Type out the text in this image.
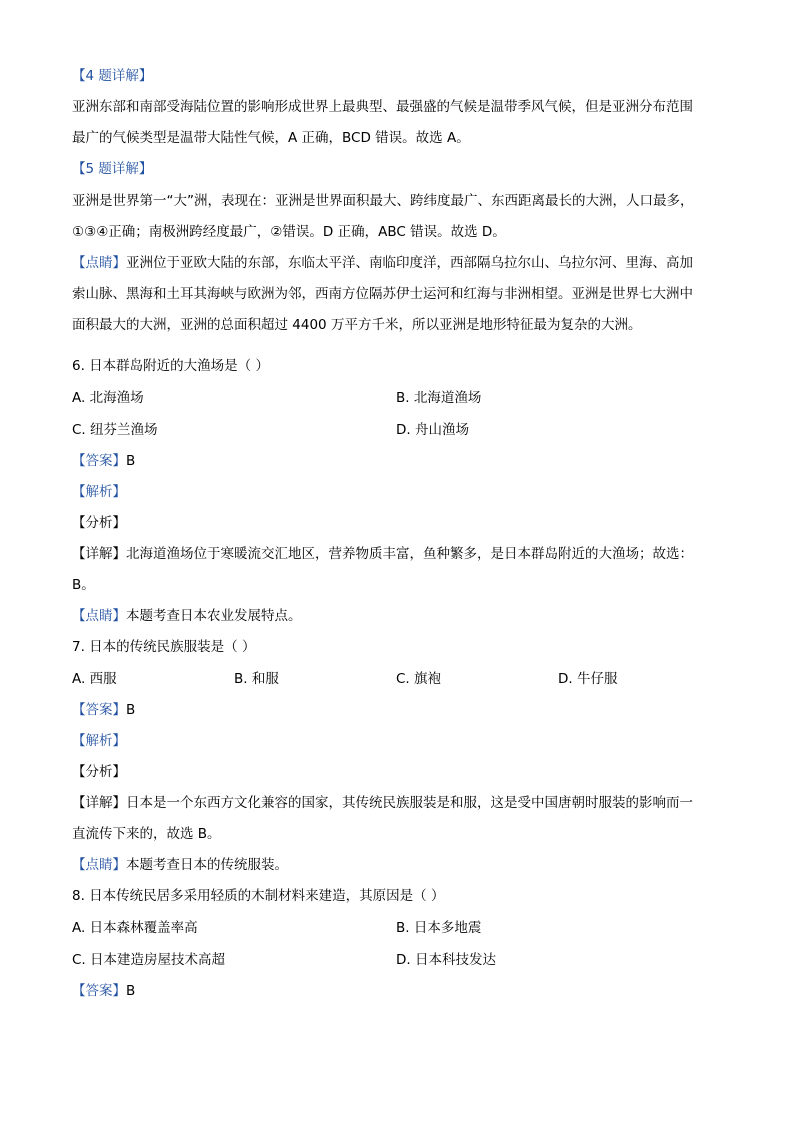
【4 题详解】
亚洲东部和南部受海陆位置的影响形成世界上最典型、最强盛的气候是温带季风气候，但是亚洲分布范围
最广的气候类型是温带大陆性气候，A 正确，BCD 错误。故选 A。
【5 题详解】
亚洲是世界第一“大”洲，表现在：亚洲是世界面积最大、跨纬度最广、东西距离最长的大洲，人口最多，
①③④正确；南极洲跨经度最广，②错误。D 正确，ABC 错误。故选 D。
【点睛】亚洲位于亚欧大陆的东部，东临太平洋、南临印度洋，西部隔乌拉尔山、乌拉尔河、里海、高加
索山脉、黑海和土耳其海峡与欧洲为邻，西南方位隔苏伊士运河和红海与非洲相望。亚洲是世界七大洲中
面积最大的大洲，亚洲的总面积超过 4400 万平方千米，所以亚洲是地形特征最为复杂的大洲。
6. 日本群岛附近的大渔场是（ ）
A. 北海渔场	B. 北海道渔场
C. 纽芬兰渔场	D. 舟山渔场
【答案】B
【解析】
【分析】
【详解】北海道渔场位于寒暖流交汇地区，营养物质丰富，鱼种繁多，是日本群岛附近的大渔场；故选：
B。
【点睛】本题考查日本农业发展特点。
7. 日本的传统民族服装是（ ）
A. 西服	B. 和服	C. 旗袍	D. 牛仔服
【答案】B
【解析】
【分析】
【详解】日本是一个东西方文化兼容的国家，其传统民族服装是和服，这是受中国唐朝时服装的影响而一
直流传下来的，故选 B。
【点睛】本题考查日本的传统服装。
8. 日本传统民居多采用轻质的木制材料来建造，其原因是（ ）
A. 日本森林覆盖率高	B. 日本多地震
C. 日本建造房屋技术高超	D. 日本科技发达
【答案】B
